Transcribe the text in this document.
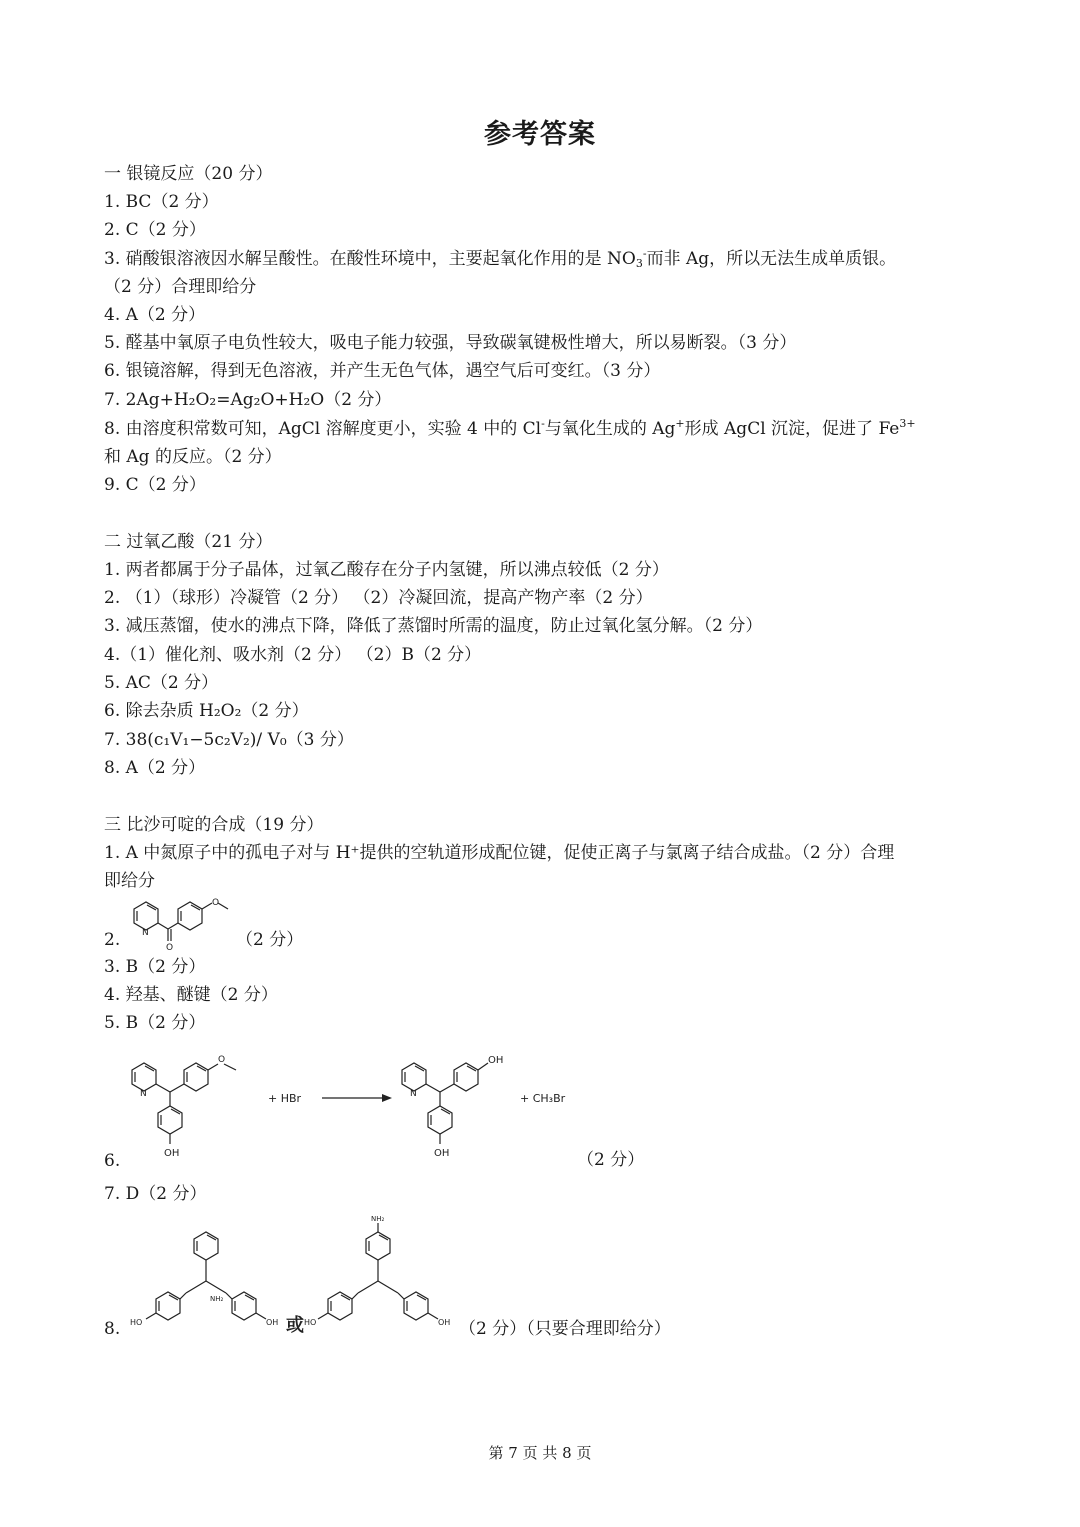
参考答案
一 银镜反应（20 分）
1. BC（2 分）
2. C（2 分）
3. 硝酸银溶液因水解呈酸性。在酸性环境中，主要起氧化作用的是 $NO_3^-$而非 Ag，所以无法生成单质银。
（2 分）合理即给分
4. A（2 分）
5. 醛基中氧原子电负性较大，吸电子能力较强，导致碳氧键极性增大，所以易断裂。（3 分）
6. 银镜溶解，得到无色溶液，并产生无色气体，遇空气后可变红。（3 分）
7. 2Ag+H₂O₂=Ag₂O+H₂O（2 分）
8. 由溶度积常数可知，AgCl 溶解度更小，实验 4 中的 Cl-与氧化生成的 Ag+形成 AgCl 沉淀，促进了 $Fe^{3+}$
和 Ag 的反应。（2 分）
9. C（2 分）
二 过氧乙酸（21 分）
1. 两者都属于分子晶体，过氧乙酸存在分子内氢键，所以沸点较低（2 分）
2. （1）（球形）冷凝管（2 分） （2）冷凝回流，提高产物产率（2 分）
3. 减压蒸馏，使水的沸点下降，降低了蒸馏时所需的温度，防止过氧化氢分解。（2 分）
4.（1）催化剂、吸水剂（2 分） （2）B（2 分）
5. AC（2 分）
6. 除去杂质 H₂O₂（2 分）
7. 38(c₁V₁−5c₂V₂)/ V₀（3 分）
8. A（2 分）
三 比沙可啶的合成（19 分）
1. A 中氮原子中的孤电子对与 H⁺提供的空轨道形成配位键，促使正离子与氯离子结合成盐。（2 分）合理
即给分
2. N
O
O
（2 分）
3. B（2 分）
4. 羟基、醚键（2 分）
5. B（2 分）
6.
N
O
OH
+ HBr	N
OH
OH
+ CH₃Br
（2 分）
7. D（2 分）
8.
NH₂
HO	OH 或
NH₂
HO	OH （2 分）（只要合理即给分）
第 7 页 共 8 页
